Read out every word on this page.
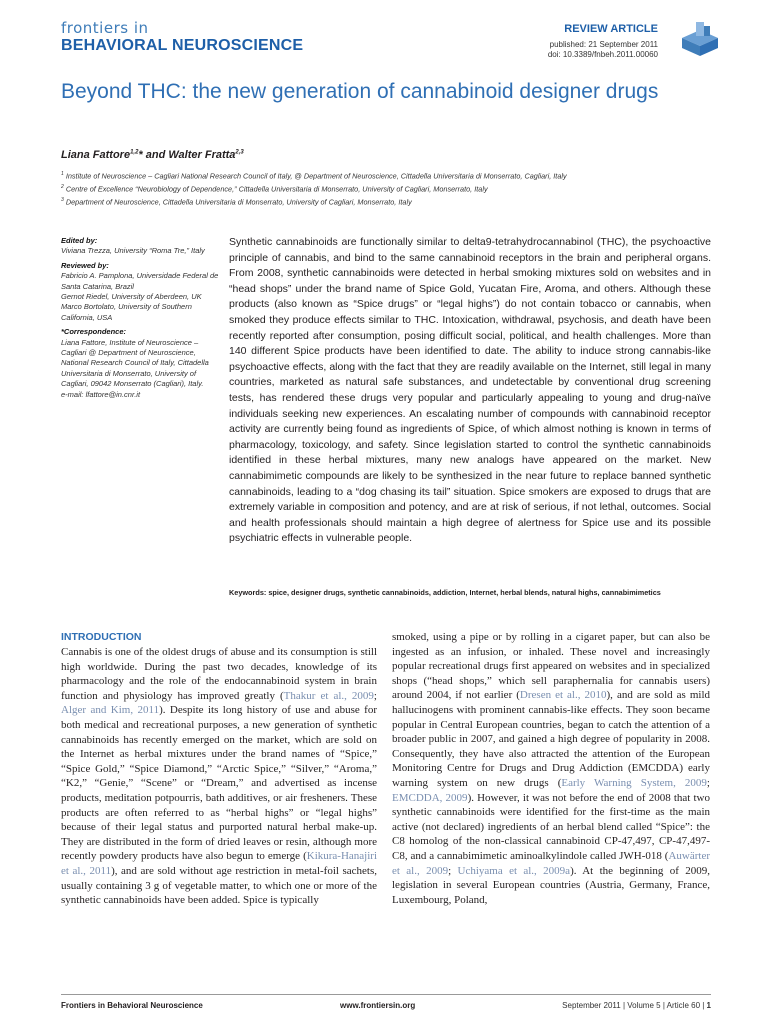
frontiers in
BEHAVIORAL NEUROSCIENCE
REVIEW ARTICLE
published: 21 September 2011
doi: 10.3389/fnbeh.2011.00060
Beyond THC: the new generation of cannabinoid designer drugs
Liana Fattore$^{1,2}$* and Walter Fratta$^{2,3}$
$^1$ Institute of Neuroscience – Cagliari National Research Council of Italy, @ Department of Neuroscience, Cittadella Universitaria di Monserrato, Cagliari, Italy
$^2$ Centre of Excellence “Neurobiology of Dependence,” Cittadella Universitaria di Monserrato, University of Cagliari, Monserrato, Italy
$^3$ Department of Neuroscience, Cittadella Universitaria di Monserrato, University of Cagliari, Monserrato, Italy
Edited by:
Viviana Trezza, University “Roma Tre,” Italy
Reviewed by:
Fabricio A. Pamplona, Universidade Federal de Santa Catarina, Brazil
Gernot Riedel, University of Aberdeen, UK
Marco Bortolato, University of Southern California, USA
*Correspondence:
Liana Fattore, Institute of Neuroscience – Cagliari @ Department of Neuroscience, National Research Council of Italy, Cittadella Universitaria di Monserrato, University of Cagliari, 09042 Monserrato (Cagliari), Italy.
e-mail: lfattore@in.cnr.it
Synthetic cannabinoids are functionally similar to delta9-tetrahydrocannabinol (THC), the psychoactive principle of cannabis, and bind to the same cannabinoid receptors in the brain and peripheral organs. From 2008, synthetic cannabinoids were detected in herbal smoking mixtures sold on websites and in “head shops” under the brand name of Spice Gold, Yucatan Fire, Aroma, and others. Although these products (also known as “Spice drugs” or “legal highs”) do not contain tobacco or cannabis, when smoked they produce effects similar to THC. Intoxication, withdrawal, psychosis, and death have been recently reported after consumption, posing difficult social, political, and health challenges. More than 140 different Spice products have been identified to date. The ability to induce strong cannabis-like psychoactive effects, along with the fact that they are readily available on the Internet, still legal in many countries, marketed as natural safe substances, and undetectable by conventional drug screening tests, has rendered these drugs very popular and particularly appealing to young and drug-naïve individuals seeking new experiences. An escalating number of compounds with cannabinoid receptor activity are currently being found as ingredients of Spice, of which almost nothing is known in terms of pharmacology, toxicology, and safety. Since legislation started to control the synthetic cannabinoids identified in these herbal mixtures, many new analogs have appeared on the market. New cannabimimetic compounds are likely to be synthesized in the near future to replace banned synthetic cannabinoids, leading to a “dog chasing its tail” situation. Spice smokers are exposed to drugs that are extremely variable in composition and potency, and are at risk of serious, if not lethal, outcomes. Social and health professionals should maintain a high degree of alertness for Spice use and its possible psychiatric effects in vulnerable people.
Keywords: spice, designer drugs, synthetic cannabinoids, addiction, Internet, herbal blends, natural highs, cannabimimetics
INTRODUCTION
Cannabis is one of the oldest drugs of abuse and its consumption is still high worldwide. During the past two decades, knowledge of its pharmacology and the role of the endocannabinoid system in brain function and physiology has improved greatly (Thakur et al., 2009; Alger and Kim, 2011). Despite its long history of use and abuse for both medical and recreational purposes, a new generation of synthetic cannabinoids has recently emerged on the market, which are sold on the Internet as herbal mixtures under the brand names of “Spice,” “Spice Gold,” “Spice Diamond,” “Arctic Spice,” “Silver,” “Aroma,” “K2,” “Genie,” “Scene” or “Dream,” and advertised as incense products, meditation potpourris, bath additives, or air fresheners. These products are often referred to as “herbal highs” or “legal highs” because of their legal status and purported natural herbal make-up. They are distributed in the form of dried leaves or resin, although more recently powdery products have also begun to emerge (Kikura-Hanajiri et al., 2011), and are sold without age restriction in metal-foil sachets, usually containing 3 g of vegetable matter, to which one or more of the synthetic cannabinoids have been added. Spice is typically
smoked, using a pipe or by rolling in a cigaret paper, but can also be ingested as an infusion, or inhaled. These novel and increasingly popular recreational drugs first appeared on websites and in specialized shops (“head shops,” which sell paraphernalia for cannabis users) around 2004, if not earlier (Dresen et al., 2010), and are sold as mild hallucinogens with prominent cannabis-like effects. They soon became popular in Central European countries, began to catch the attention of a broader public in 2007, and gained a high degree of popularity in 2008. Consequently, they have also attracted the attention of the European Monitoring Centre for Drugs and Drug Addiction (EMCDDA) early warning system on new drugs (Early Warning System, 2009; EMCDDA, 2009). However, it was not before the end of 2008 that two synthetic cannabinoids were identified for the first-time as the main active (not declared) ingredients of an herbal blend called “Spice”: the C8 homolog of the non-classical cannabinoid CP-47,497, CP-47,497-C8, and a cannabimimetic aminoalkylindole called JWH-018 (Auwärter et al., 2009; Uchiyama et al., 2009a). At the beginning of 2009, legislation in several European countries (Austria, Germany, France, Luxembourg, Poland,
Frontiers in Behavioral Neuroscience	www.frontiersin.org	September 2011 | Volume 5 | Article 60 | 1
